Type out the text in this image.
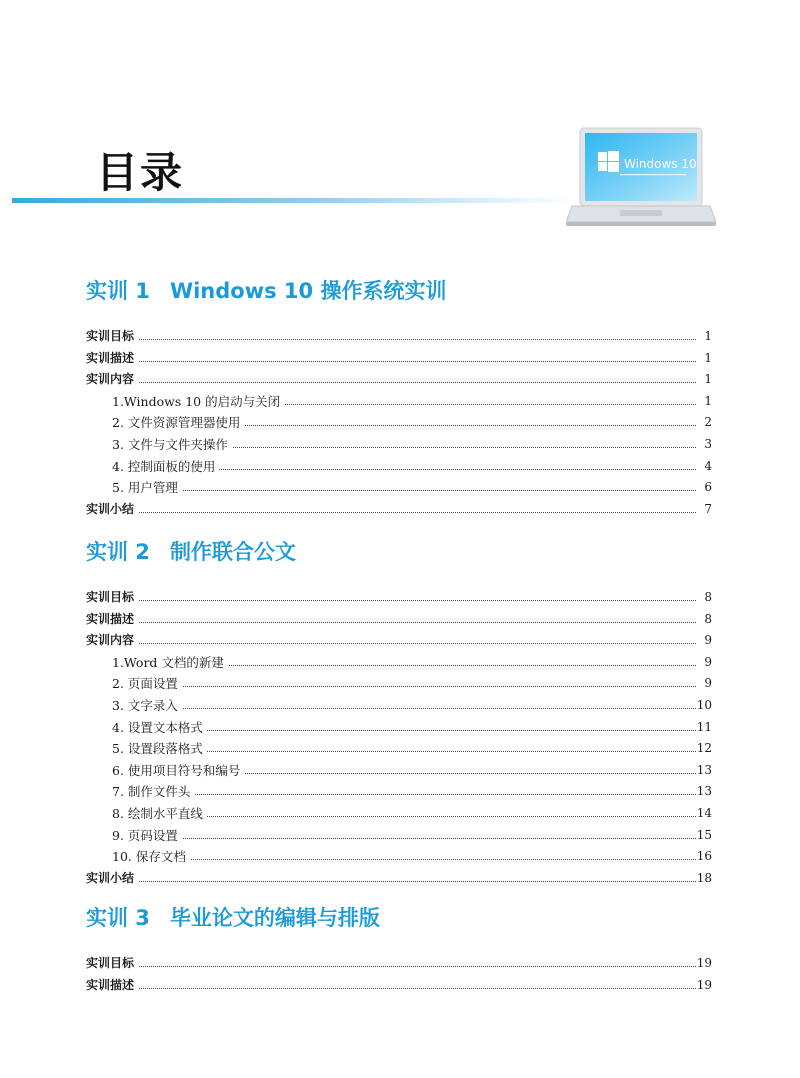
目录	Windows 10
实训 1 Windows 10 操作系统实训
实训目标	1
实训描述	1
实训内容	1
1.Windows 10 的启动与关闭	1
2. 文件资源管理器使用	2
3. 文件与文件夹操作	3
4. 控制面板的使用	4
5. 用户管理	6
实训小结	7
实训 2 制作联合公文
实训目标	8
实训描述	8
实训内容	9
1.Word 文档的新建	9
2. 页面设置	9
3. 文字录入	10
4. 设置文本格式	11
5. 设置段落格式	12
6. 使用项目符号和编号	13
7. 制作文件头	13
8. 绘制水平直线	14
9. 页码设置	15
10. 保存文档	16
实训小结	18
实训 3 毕业论文的编辑与排版
实训目标	19
实训描述	19
